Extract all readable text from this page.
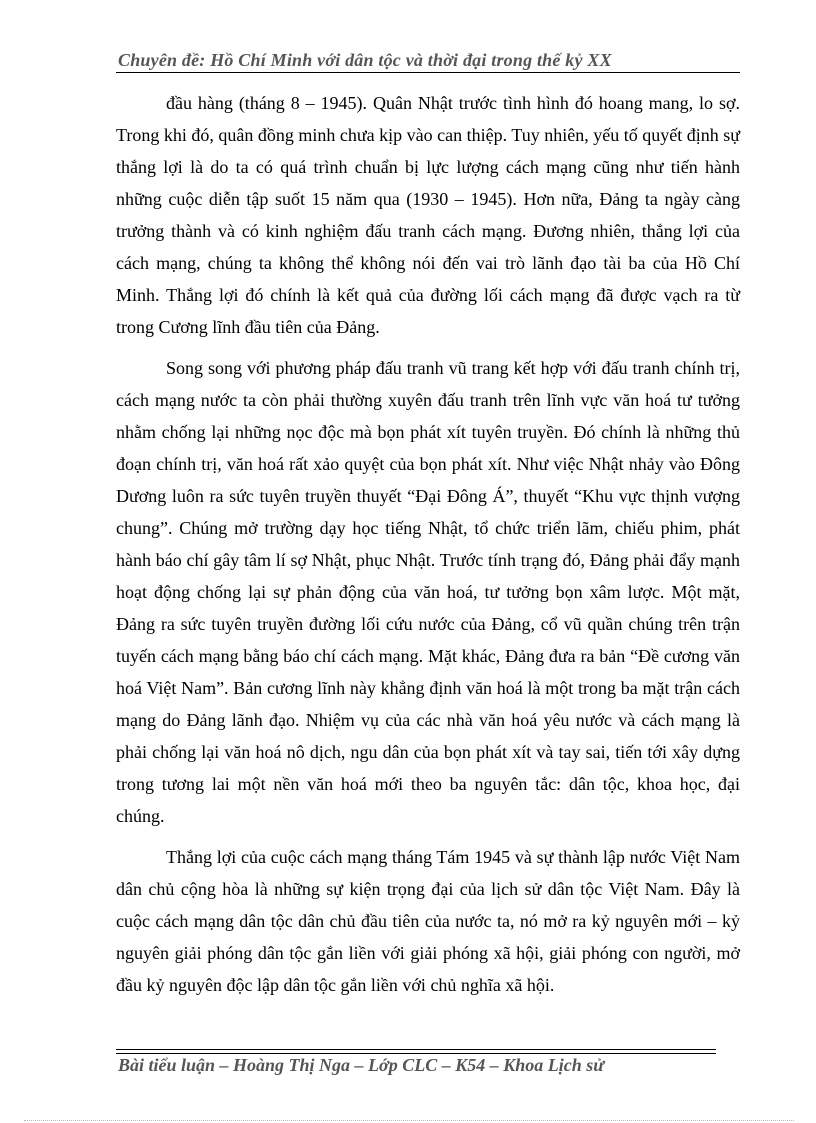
Chuyên đề: Hồ Chí Minh với dân tộc và thời đại trong thế kỷ XX

đầu hàng (tháng 8 – 1945). Quân Nhật trước tình hình đó hoang mang, lo sợ. Trong khi đó, quân đồng minh chưa kịp vào can thiệp. Tuy nhiên, yếu tố quyết định sự thắng lợi là do ta có quá trình chuẩn bị lực lượng cách mạng cũng như tiến hành những cuộc diễn tập suốt 15 năm qua (1930 – 1945). Hơn nữa, Đảng ta ngày càng trưởng thành và có kinh nghiệm đấu tranh cách mạng. Đương nhiên, thắng lợi của cách mạng, chúng ta không thể không nói đến vai trò lãnh đạo tài ba của Hồ Chí Minh. Thắng lợi đó chính là kết quả của đường lối cách mạng đã được vạch ra từ trong Cương lĩnh đầu tiên của Đảng.

Song song với phương pháp đấu tranh vũ trang kết hợp với đấu tranh chính trị, cách mạng nước ta còn phải thường xuyên đấu tranh trên lĩnh vực văn hoá tư tưởng nhằm chống lại những nọc độc mà bọn phát xít tuyên truyền. Đó chính là những thủ đoạn chính trị, văn hoá rất xảo quyệt của bọn phát xít. Như việc Nhật nhảy vào Đông Dương luôn ra sức tuyên truyền thuyết “Đại Đông Á”, thuyết “Khu vực thịnh vượng chung”. Chúng mở trường dạy học tiếng Nhật, tổ chức triển lãm, chiếu phim, phát hành báo chí gây tâm lí sợ Nhật, phục Nhật. Trước tính trạng đó, Đảng phải đẩy mạnh hoạt động chống lại sự phản động của văn hoá, tư tưởng bọn xâm lược. Một mặt, Đảng ra sức tuyên truyền đường lối cứu nước của Đảng, cổ vũ quần chúng trên trận tuyến cách mạng bằng báo chí cách mạng. Mặt khác, Đảng đưa ra bản “Đề cương văn hoá Việt Nam”. Bản cương lĩnh này khẳng định văn hoá là một trong ba mặt trận cách mạng do Đảng lãnh đạo. Nhiệm vụ của các nhà văn hoá yêu nước và cách mạng là phải chống lại văn hoá nô dịch, ngu dân của bọn phát xít và tay sai, tiến tới xây dựng trong tương lai một nền văn hoá mới theo ba nguyên tắc: dân tộc, khoa học, đại chúng.

Thắng lợi của cuộc cách mạng tháng Tám 1945 và sự thành lập nước Việt Nam dân chủ cộng hòa là những sự kiện trọng đại của lịch sử dân tộc Việt Nam. Đây là cuộc cách mạng dân tộc dân chủ đầu tiên của nước ta, nó mở ra kỷ nguyên mới – kỷ nguyên giải phóng dân tộc gắn liền với giải phóng xã hội, giải phóng con người, mở đầu kỷ nguyên độc lập dân tộc gắn liền với chủ nghĩa xã hội.

Bài tiểu luận – Hoàng Thị Nga – Lớp CLC – K54 – Khoa Lịch sử
